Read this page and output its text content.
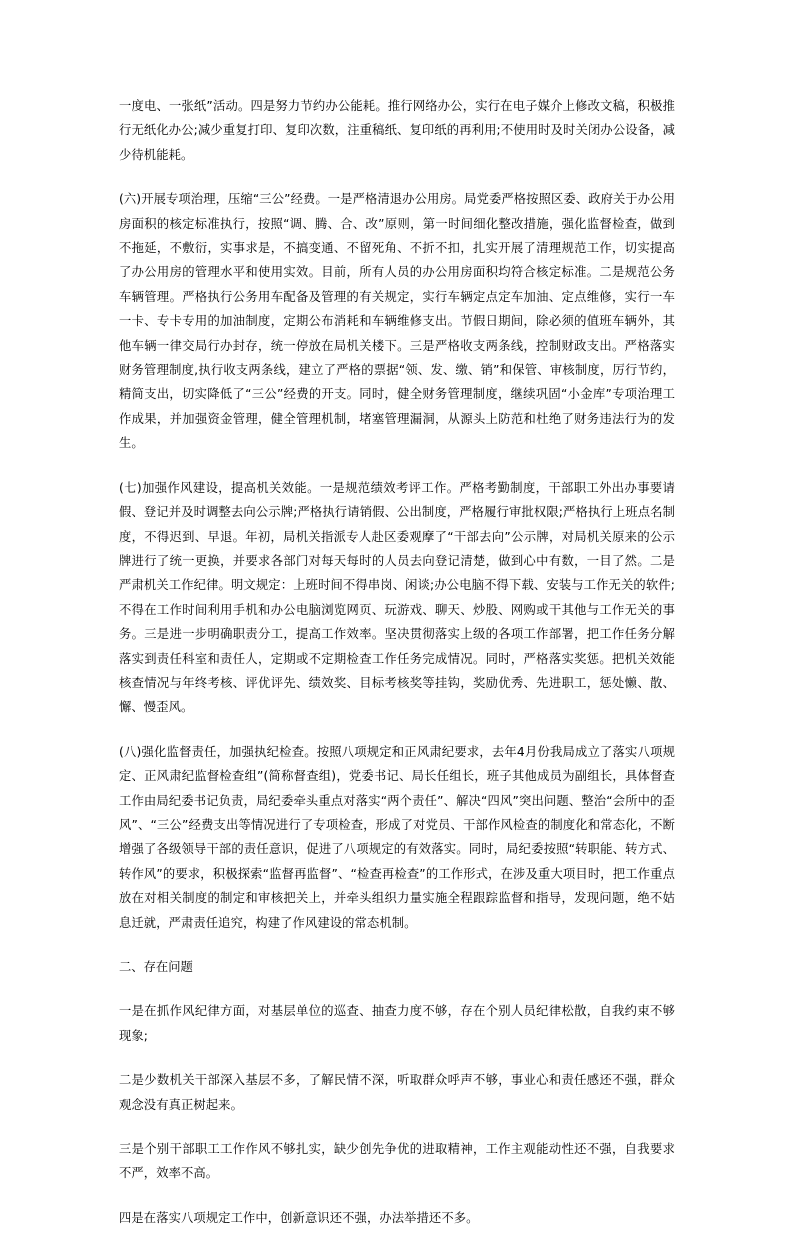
一度电、一张纸”活动。四是努力节约办公能耗。推行网络办公，实行在电子媒介上修改文稿，积极推行无纸化办公;减少重复打印、复印次数，注重稿纸、复印纸的再利用;不使用时及时关闭办公设备，减少待机能耗。

(六)开展专项治理，压缩“三公”经费。一是严格清退办公用房。局党委严格按照区委、政府关于办公用房面积的核定标准执行，按照“调、腾、合、改”原则，第一时间细化整改措施，强化监督检查，做到不拖延，不敷衍，实事求是，不搞变通、不留死角、不折不扣，扎实开展了清理规范工作，切实提高了办公用房的管理水平和使用实效。目前，所有人员的办公用房面积均符合核定标准。二是规范公务车辆管理。严格执行公务用车配备及管理的有关规定，实行车辆定点定车加油、定点维修，实行一车一卡、专卡专用的加油制度，定期公布消耗和车辆维修支出。节假日期间，除必须的值班车辆外，其他车辆一律交局行办封存，统一停放在局机关楼下。三是严格收支两条线，控制财政支出。严格落实财务管理制度,执行收支两条线，建立了严格的票据“领、发、缴、销”和保管、审核制度，厉行节约，精简支出，切实降低了“三公”经费的开支。同时，健全财务管理制度，继续巩固“小金库”专项治理工作成果，并加强资金管理，健全管理机制，堵塞管理漏洞，从源头上防范和杜绝了财务违法行为的发生。

(七)加强作风建设，提高机关效能。一是规范绩效考评工作。严格考勤制度，干部职工外出办事要请假、登记并及时调整去向公示牌;严格执行请销假、公出制度，严格履行审批权限;严格执行上班点名制度，不得迟到、早退。年初，局机关指派专人赴区委观摩了“干部去向”公示牌，对局机关原来的公示牌进行了统一更换，并要求各部门对每天每时的人员去向登记清楚，做到心中有数，一目了然。二是严肃机关工作纪律。明文规定：上班时间不得串岗、闲谈;办公电脑不得下载、安装与工作无关的软件;不得在工作时间利用手机和办公电脑浏览网页、玩游戏、聊天、炒股、网购或干其他与工作无关的事务。三是进一步明确职责分工，提高工作效率。坚决贯彻落实上级的各项工作部署，把工作任务分解落实到责任科室和责任人，定期或不定期检查工作任务完成情况。同时，严格落实奖惩。把机关效能核查情况与年终考核、评优评先、绩效奖、目标考核奖等挂钩，奖励优秀、先进职工，惩处懒、散、懈、慢歪风。

(八)强化监督责任，加强执纪检查。按照八项规定和正风肃纪要求，去年4月份我局成立了落实八项规定、正风肃纪监督检查组”(简称督查组)，党委书记、局长任组长，班子其他成员为副组长，具体督查工作由局纪委书记负责，局纪委牵头重点对落实“两个责任”、解决“四风”突出问题、整治“会所中的歪风”、“三公”经费支出等情况进行了专项检查，形成了对党员、干部作风检查的制度化和常态化，不断增强了各级领导干部的责任意识，促进了八项规定的有效落实。同时，局纪委按照“转职能、转方式、转作风”的要求，积极探索“监督再监督”、“检查再检查”的工作形式，在涉及重大项目时，把工作重点放在对相关制度的制定和审核把关上，并牵头组织力量实施全程跟踪监督和指导，发现问题，绝不姑息迁就，严肃责任追究，构建了作风建设的常态机制。

二、存在问题

一是在抓作风纪律方面，对基层单位的巡查、抽查力度不够，存在个别人员纪律松散，自我约束不够现象;

二是少数机关干部深入基层不多，了解民情不深，听取群众呼声不够，事业心和责任感还不强，群众观念没有真正树起来。

三是个别干部职工工作作风不够扎实，缺少创先争优的进取精神，工作主观能动性还不强，自我要求不严，效率不高。

四是在落实八项规定工作中，创新意识还不强，办法举措还不多。
